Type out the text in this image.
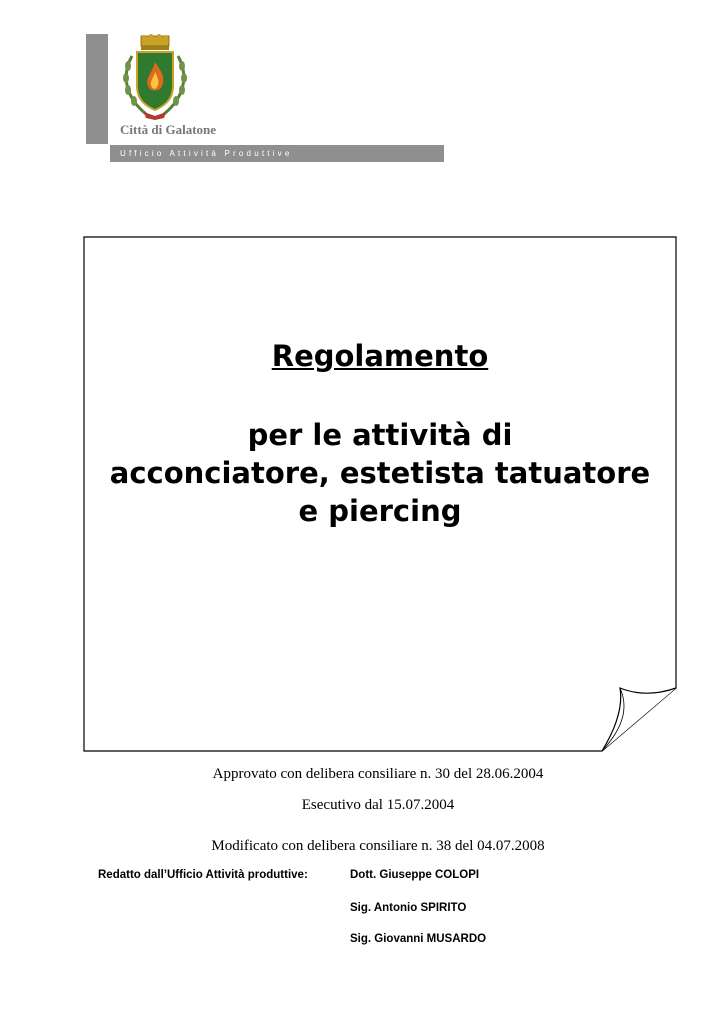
Città di Galatone
Ufficio Attività Produttive

Regolamento

per le attività di
acconciatore, estetista tatuatore
e piercing

Approvato con delibera consiliare n. 30 del 28.06.2004
Esecutivo dal 15.07.2004
Modificato con delibera consiliare n. 38 del 04.07.2008
Redatto dall’Ufficio Attività produttive:	Dott. Giuseppe COLOPI
Sig. Antonio SPIRITO
Sig. Giovanni MUSARDO
